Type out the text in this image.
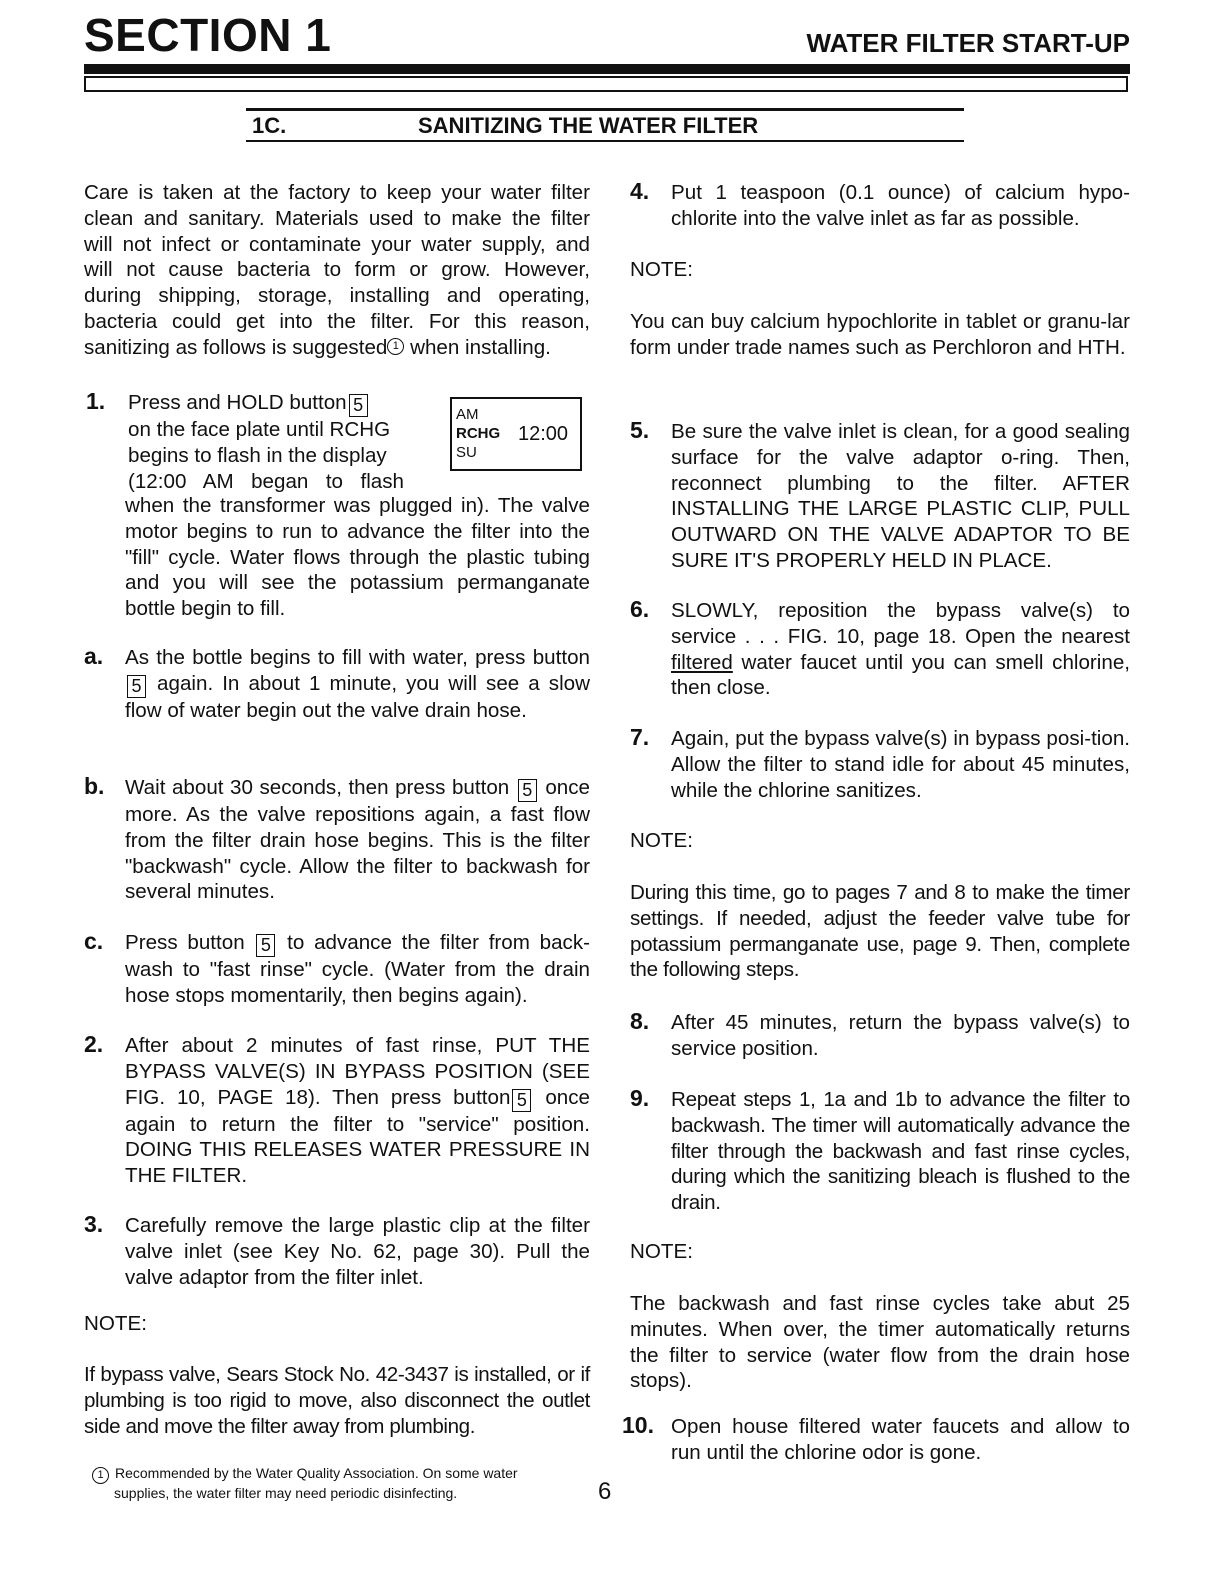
SECTION 1	WATER FILTER START-UP
1C.	SANITIZING THE WATER FILTER
Care is taken at the factory to keep your water filter
clean and sanitary. Materials used to make the filter
will not infect or contaminate your water supply, and
will not cause bacteria to form or grow. However,
during shipping, storage, installing and operating,
bacteria could get into the filter. For this reason,
sanitizing as follows is suggested 1 when installing.
1. Press and HOLD button 5
on the face plate until RCHG
begins to flash in the display
(12:00 AM began to flash
when the transformer was plugged in). The valve motor begins to run to advance the filter into the "fill" cycle. Water flows through the plastic tubing and you will see the potassium permanganate bottle begin to fill.
AM
RCHG 12:00
SU
a. As the bottle begins to fill with water, press button5 again. In about 1 minute, you will see a slow flow of water begin out the valve drain hose.
b. Wait about 30 seconds, then press button 5 once more. As the valve repositions again, a fast flow from the filter drain hose begins. This is the filter "backwash" cycle. Allow the filter to backwash for several minutes.
c. Press button 5 to advance the filter from back-wash to "fast rinse" cycle. (Water from the drain hose stops momentarily, then begins again).
2. After about 2 minutes of fast rinse, PUT THE BYPASS VALVE(S) IN BYPASS POSITION (SEE FIG. 10, PAGE 18). Then press button 5 once again to return the filter to "service" position. DOING THIS RELEASES WATER PRESSURE IN THE FILTER.
3. Carefully remove the large plastic clip at the filter valve inlet (see Key No. 62, page 30). Pull the valve adaptor from the filter inlet.
NOTE:
If bypass valve, Sears Stock No. 42-3437 is installed, or if plumbing is too rigid to move, also disconnect the outlet side and move the filter away from plumbing.
1 Recommended by the Water Quality Association. On some water
supplies, the water filter may need periodic disinfecting.	6
4. Put 1 teaspoon (0.1 ounce) of calcium hypo-chlorite into the valve inlet as far as possible.
NOTE:
You can buy calcium hypochlorite in tablet or granu-lar form under trade names such as Perchloron and HTH.
5. Be sure the valve inlet is clean, for a good sealing surface for the valve adaptor o-ring. Then, reconnect plumbing to the filter. AFTER INSTALLING THE LARGE PLASTIC CLIP, PULL OUTWARD ON THE VALVE ADAPTOR TO BE SURE IT'S PROPERLY HELD IN PLACE.
6. SLOWLY, reposition the bypass valve(s) to service . . . FIG. 10, page 18. Open the nearest filtered water faucet until you can smell chlorine, then close.
7. Again, put the bypass valve(s) in bypass posi-tion. Allow the filter to stand idle for about 45 minutes, while the chlorine sanitizes.
NOTE:
During this time, go to pages 7 and 8 to make the timer settings. If needed, adjust the feeder valve tube for potassium permanganate use, page 9. Then, complete the following steps.
8. After 45 minutes, return the bypass valve(s) to service position.
9. Repeat steps 1, 1a and 1b to advance the filter to backwash. The timer will automatically advance the filter through the backwash and fast rinse cycles, during which the sanitizing bleach is flushed to the drain.
NOTE:
The backwash and fast rinse cycles take abut 25 minutes. When over, the timer automatically returns the filter to service (water flow from the drain hose stops).
10. Open house filtered water faucets and allow to run until the chlorine odor is gone.
